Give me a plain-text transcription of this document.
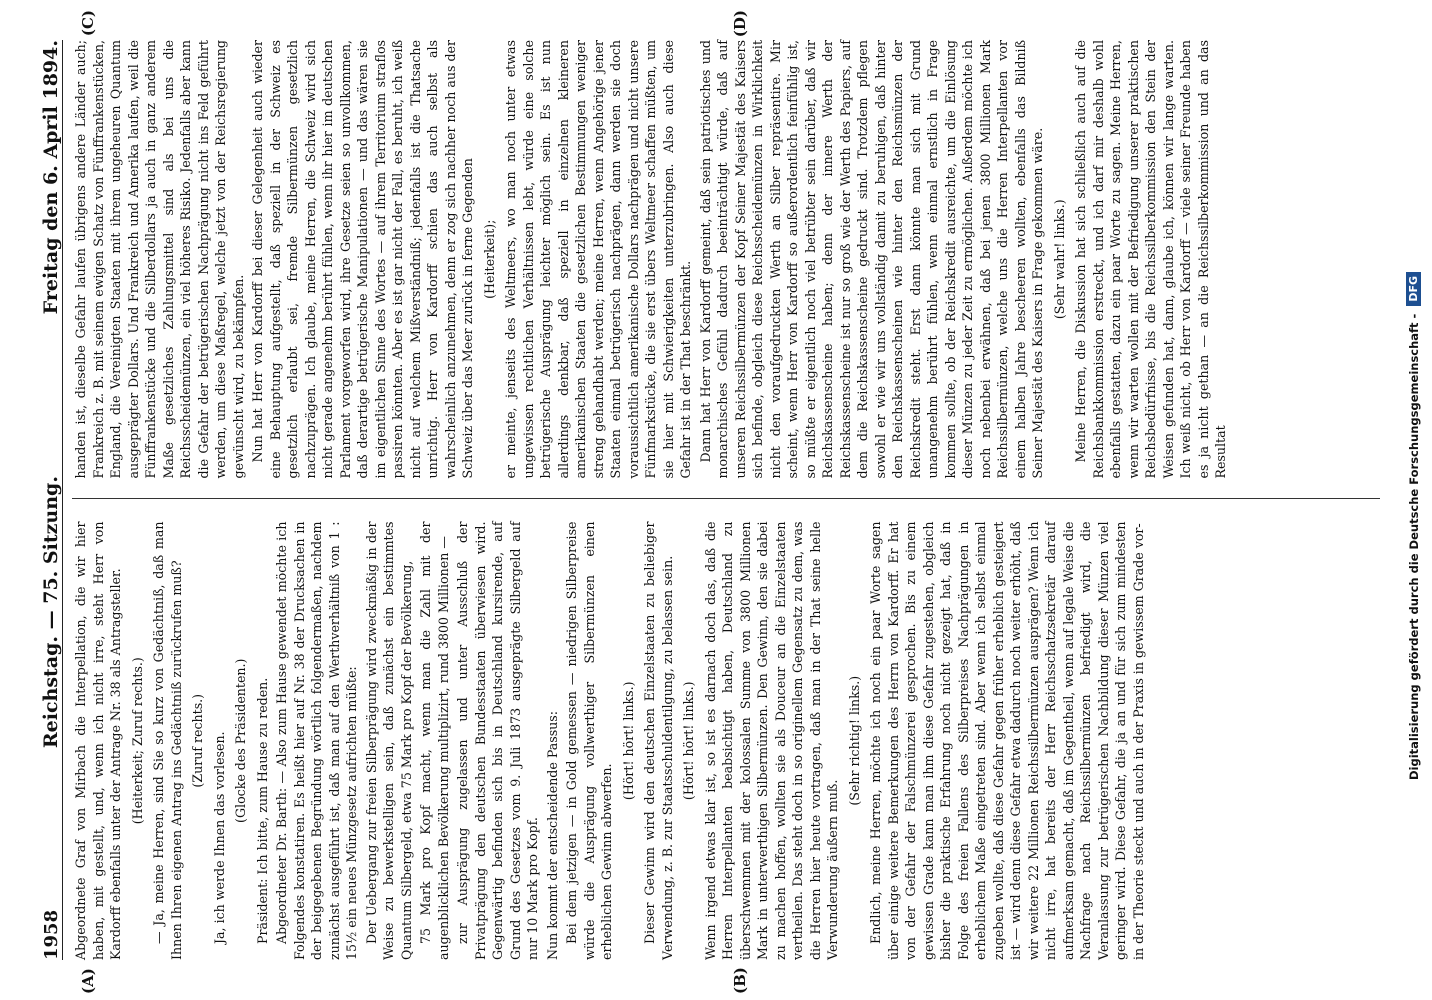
1958
Reichstag. — 75. Sitzung.
Freitag den 6. April 1894.
(A)	(B)

Abgeordnete Graf von Mirbach die Interpellation, die wir hier haben, mit gestellt, und, wenn ich nicht irre, steht Herr von Kardorff ebenfalls unter der Antrage Nr. 38 als Antragsteller. (Heiterkeit; Zuruf rechts.) — Ja, meine Herren, sind Sie so kurz von Gedächtniß, daß man Ihnen Ihren eigenen Antrag ins Gedächtniß zurückrufen muß? (Zuruf rechts.) Ja, ich werde Ihnen das vorlesen. (Glocke des Präsidenten.) Präsident: Ich bitte, zum Hause zu reden. Abgeordneter Dr. Barth: — Also zum Hause gewendet möchte ich Folgendes konstatiren. Es heißt hier auf Nr. 38 der Drucksachen in der beigegebenen Begründung wörtlich folgendermaßen, nachdem zunächst ausgeführt ist, daß man auf den Werthverhältniß von 1 : 15½ ein neues Münzgesetz aufrichten müßte: Der Uebergang zur freien Silberprägung wird zweckmäßig in der Weise zu bewerkstelligen sein, daß zunächst ein bestimmtes Quantum Silbergeld, etwa 75 Mark pro Kopf der Bevölkerung, 75 Mark pro Kopf macht, wenn man die Zahl mit der augenblicklichen Bevölkerung multiplizirt, rund 3800 Millionen — zur Ausprägung zugelassen und unter Ausschluß der Privatprägung den deutschen Bundesstaaten überwiesen wird. Gegenwärtig befinden sich bis in Deutschland kursirende, auf Grund des Gesetzes vom 9. Juli 1873 ausgeprägte Silbergeld auf nur 10 Mark pro Kopf. Nun kommt der entscheidende Passus: Bei dem jetzigen — in Gold gemessen — niedrigen Silberpreise würde die Ausprägung vollwerthiger Silbermünzen einen erheblichen Gewinn abwerfen.

(Hört! hört! links.) Dieser Gewinn wird den deutschen Einzelstaaten zu beliebiger Verwendung, z. B. zur Staatsschuldentilgung, zu belassen sein. (Hört! hört! links.) Wenn irgend etwas klar ist, so ist es darnach doch das, daß die Herren Interpellanten beabsichtigt haben, Deutschland zu überschwemmen mit der kolossalen Summe von 3800 Millionen Mark in unterwerthigen Silbermünzen. Den Gewinn, den sie dabei zu machen hoffen, wollten sie als Douceur an die Einzelstaaten vertheilen. Das steht doch in so originellem Gegensatz zu dem, was die Herren hier heute vortragen, daß man in der That seine helle Verwunderung äußern muß.

(Sehr richtig! links.) Endlich, meine Herren, möchte ich noch ein paar Worte sagen über einige weitere Bemerkungen des Herrn von Kardorff. Er hat von der Gefahr der Falschmünzerei gesprochen. Bis zu einem gewissen Grade kann man ihm diese Gefahr zugestehen, obgleich bisher die praktische Erfahrung noch nicht gezeigt hat, daß in Folge des freien Fallens des Silberpreises Nachprägungen in erheblichem Maße eingetreten sind. Aber wenn ich selbst einmal zugeben wollte, daß diese Gefahr gegen früher erheblich gesteigert ist — wird denn diese Gefahr etwa dadurch noch weiter erhöht, daß wir weitere 22 Millionen Reichssilbermünzen ausprägen? Wenn ich nicht irre, hat bereits der Herr Reichsschatzsekretär darauf aufmerksam gemacht, daß im Gegentheil, wenn auf legale Weise die Nachfrage nach Reichssilbermünzen befriedigt wird, die Veranlassung zur betrügerischen Nachbildung dieser Münzen viel geringer wird. Diese Gefahr, die ja an und für sich zum mindesten in der Theorie steckt und auch in der Praxis in gewissem Grade vor-

(C)	(D)

handen ist, dieselbe Gefahr laufen übrigens andere Länder auch; Frankreich z. B. mit seinem ewigen Schatz von Fünffrankenstücken, England, die Vereinigten Staaten mit ihrem ungeheuren Quantum ausgeprägter Dollars. Und Frankreich und Amerika laufen, weil die Fünffrankenstücke und die Silberdollars ja auch in ganz anderem Maße gesetzliches Zahlungsmittel sind als bei uns die Reichsscheidemünzen, ein viel höheres Risiko. Jedenfalls aber kann die Gefahr der betrügerischen Nachprägung nicht ins Feld geführt werden, um diese Maßregel, welche jetzt von der Reichsregierung gewünscht wird, zu bekämpfen. Nun hat Herr von Kardorff bei dieser Gelegenheit auch wieder eine Behauptung aufgestellt, daß speziell in der Schweiz es gesetzlich erlaubt sei, fremde Silbermünzen gesetzlich nachzuprägen. Ich glaube, meine Herren, die Schweiz wird sich nicht gerade angenehm berührt fühlen, wenn ihr hier im deutschen Parlament vorgeworfen wird, ihre Gesetze seien so unvollkommen, daß derartige betrügerische Manipulationen — und das wären sie im eigentlichen Sinne des Wortes — auf ihrem Territorium straflos passiren könnten. Aber es ist gar nicht der Fall, es beruht, ich weiß nicht auf welchem Mißverständniß; jedenfalls ist die Thatsache unrichtig. Herr von Kardorff schien das auch selbst als wahrscheinlich anzunehmen, denn er zog sich nachher noch aus der Schweiz über das Meer zurück in ferne Gegenden (Heiterkeit); er meinte, jenseits des Weltmeers, wo man noch unter etwas ungewissen rechtlichen Verhältnissen lebt, würde eine solche betrügerische Ausprägung leichter möglich sein. Es ist nun allerdings denkbar, daß speziell in einzelnen kleineren amerikanischen Staaten die gesetzlichen Bestimmungen weniger streng gehandhabt werden; meine Herren, wenn Angehörige jener Staaten einmal betrügerisch nachprägen, dann werden sie doch voraussichtlich amerikanische Dollars nachprägen und nicht unsere Fünfmarkstücke, die sie erst übers Weltmeer schaffen müßten, um sie hier mit Schwierigkeiten unterzubringen. Also auch diese Gefahr ist in der That beschränkt. Dann hat Herr von Kardorff gemeint, daß sein patriotisches und monarchisches Gefühl dadurch beeinträchtigt würde, daß auf unseren Reichssilbermünzen der Kopf Seiner Majestät des Kaisers sich befinde, obgleich diese Reichsscheidemünzen in Wirklichkeit nicht den voraufgedruckten Werth an Silber repräsentire. Mir scheint, wenn Herr von Kardorff so außerordentlich feinfühlig ist, so müßte er eigentlich noch viel betrübter sein darüber, daß wir Reichskassenscheine haben; denn der innere Werth der Reichskassenscheine ist nur so groß wie der Werth des Papiers, auf dem die Reichskassenscheine gedruckt sind. Trotzdem pflegen sowohl er wie wir uns vollständig damit zu beruhigen, daß hinter den Reichskassenscheinen wie hinter den Reichsmünzen der Reichskredit steht. Erst dann könnte man sich mit Grund unangenehm berührt fühlen, wenn einmal ernstlich in Frage kommen sollte, ob der Reichskredit ausreichte, um die Einlösung dieser Münzen zu jeder Zeit zu ermöglichen. Außerdem möchte ich noch nebenbei erwähnen, daß bei jenen 3800 Millionen Mark Reichssilbermünzen, welche uns die Herren Interpellanten vor einem halben Jahre bescheeren wollten, ebenfalls das Bildniß Seiner Majestät des Kaisers in Frage gekommen wäre. (Sehr wahr! links.) Meine Herren, die Diskussion hat sich schließlich auch auf die Reichsbankkommission erstreckt, und ich darf mir deshalb wohl ebenfalls gestatten, dazu ein paar Worte zu sagen. Meine Herren, wenn wir warten wollen mit der Befriedigung unserer praktischen Reichsbedürfnisse, bis die Reichssilberkommission den Stein der Weisen gefunden hat, dann, glaube ich, können wir lange warten. Ich weiß nicht, ob Herr von Kardorff — viele seiner Freunde haben es ja nicht gethan — an die Reichssilberkommission und an das Resultat	Digitalisierung gefördert durch die Deutsche Forschungsgemeinschaft -
DFG
